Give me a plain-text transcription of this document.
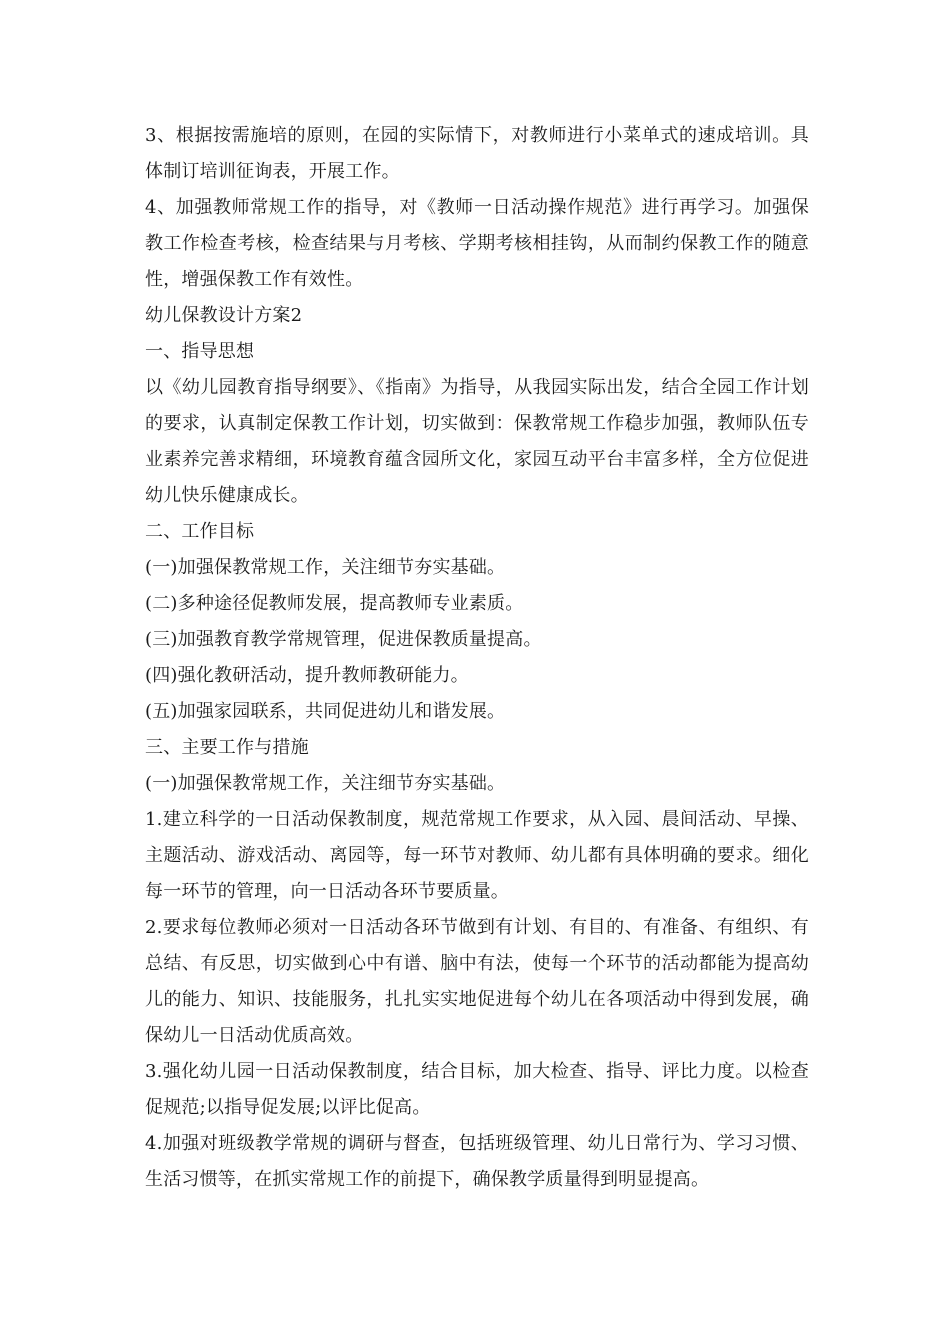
3、根据按需施培的原则，在园的实际情下，对教师进行小菜单式的速成培训。具体制订培训征询表，开展工作。

4、加强教师常规工作的指导，对《教师一日活动操作规范》进行再学习。加强保教工作检查考核，检查结果与月考核、学期考核相挂钩，从而制约保教工作的随意性，增强保教工作有效性。

幼儿保教设计方案2

一、指导思想

以《幼儿园教育指导纲要》、《指南》为指导，从我园实际出发，结合全园工作计划的要求，认真制定保教工作计划，切实做到：保教常规工作稳步加强，教师队伍专业素养完善求精细，环境教育蕴含园所文化，家园互动平台丰富多样，全方位促进幼儿快乐健康成长。

二、工作目标

(一)加强保教常规工作，关注细节夯实基础。

(二)多种途径促教师发展，提高教师专业素质。

(三)加强教育教学常规管理，促进保教质量提高。

(四)强化教研活动，提升教师教研能力。

(五)加强家园联系，共同促进幼儿和谐发展。

三、主要工作与措施

(一)加强保教常规工作，关注细节夯实基础。

1.建立科学的一日活动保教制度，规范常规工作要求，从入园、晨间活动、早操、主题活动、游戏活动、离园等，每一环节对教师、幼儿都有具体明确的要求。细化每一环节的管理，向一日活动各环节要质量。

2.要求每位教师必须对一日活动各环节做到有计划、有目的、有准备、有组织、有总结、有反思，切实做到心中有谱、脑中有法，使每一个环节的活动都能为提高幼儿的能力、知识、技能服务，扎扎实实地促进每个幼儿在各项活动中得到发展，确保幼儿一日活动优质高效。

3.强化幼儿园一日活动保教制度，结合目标，加大检查、指导、评比力度。以检查促规范;以指导促发展;以评比促高。

4.加强对班级教学常规的调研与督查，包括班级管理、幼儿日常行为、学习习惯、生活习惯等，在抓实常规工作的前提下，确保教学质量得到明显提高。
